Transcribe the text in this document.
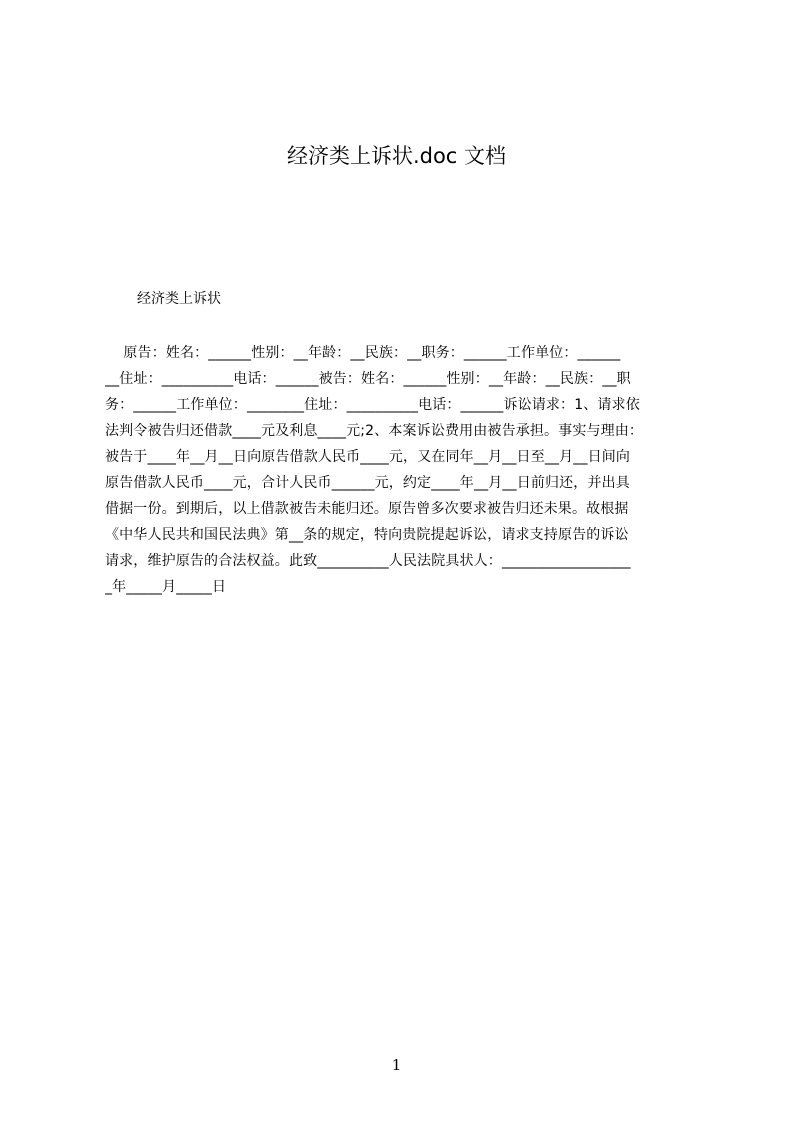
经济类上诉状.doc 文档
经济类上诉状
原告：姓名：______性别：__年龄：__民族：__职务：______工作单位：______
__住址：__________电话：______被告：姓名：______性别：__年龄：__民族：__职
务：______工作单位：________住址：__________电话：______诉讼请求：1、请求依
法判令被告归还借款____元及利息____元;2、本案诉讼费用由被告承担。事实与理由：
被告于____年__月__日向原告借款人民币____元，又在同年__月__日至__月__日间向
原告借款人民币____元，合计人民币______元，约定____年__月__日前归还，并出具
借据一份。到期后，以上借款被告未能归还。原告曾多次要求被告归还未果。故根据
《中华人民共和国民法典》第__条的规定，特向贵院提起诉讼，请求支持原告的诉讼
请求，维护原告的合法权益。此致__________人民法院具状人：__________________
_年_____月_____日
1
